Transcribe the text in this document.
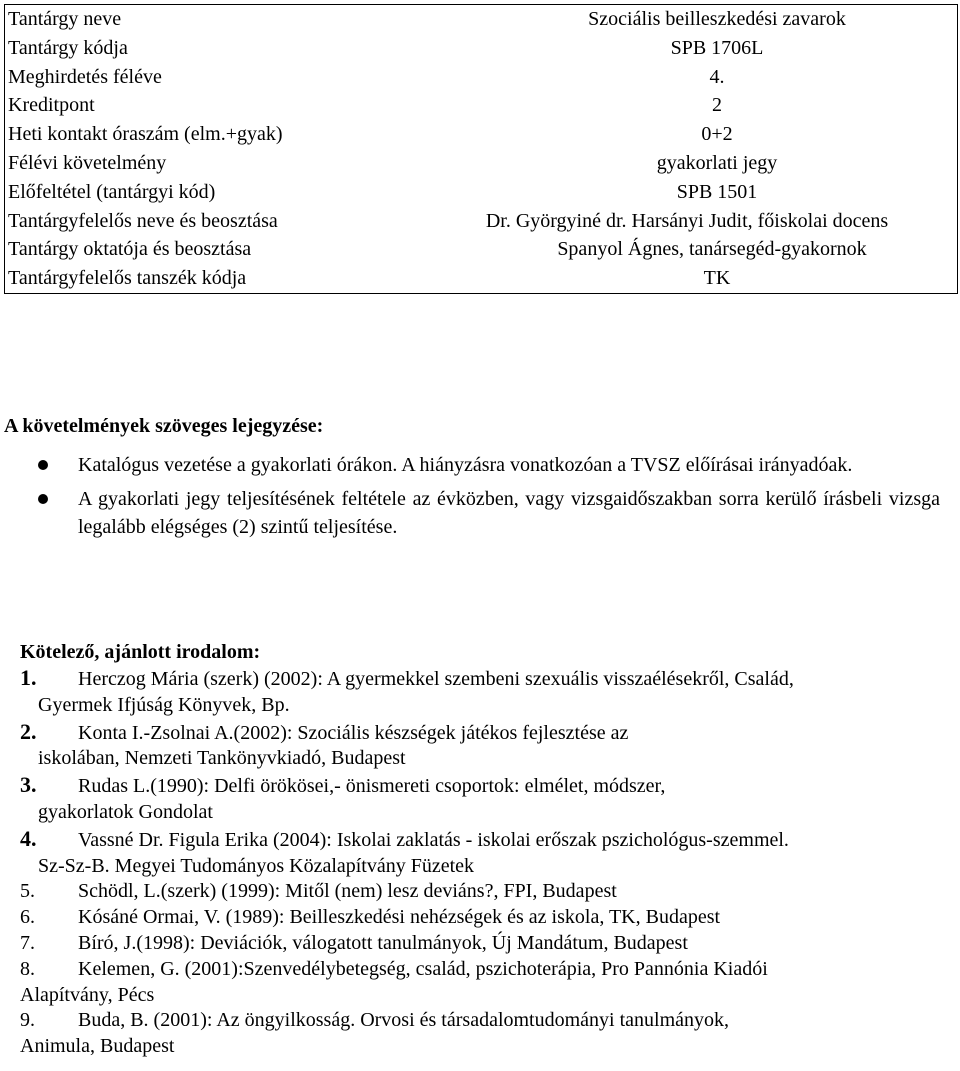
Tantárgy neve	Szociális beilleszkedési zavarok
Tantárgy kódja	SPB 1706L
Meghirdetés féléve	4.
Kreditpont	2
Heti kontakt óraszám (elm.+gyak)	0+2
Félévi követelmény	gyakorlati jegy
Előfeltétel (tantárgyi kód)	SPB 1501
Tantárgyfelelős neve és beosztása	Dr. Györgyiné dr. Harsányi Judit, főiskolai docens
Tantárgy oktatója és beosztása	Spanyol Ágnes, tanársegéd-gyakornok
Tantárgyfelelős tanszék kódja	TK
A követelmények szöveges lejegyzése:
Katalógus vezetése a gyakorlati órákon. A hiányzásra vonatkozóan a TVSZ előírásai irányadóak.
A gyakorlati jegy teljesítésének feltétele az évközben, vagy vizsgaidőszakban sorra kerülő írásbeli vizsga legalább elégséges (2) szintű teljesítése.
Kötelező, ajánlott irodalom:
1. Herczog Mária (szerk) (2002): A gyermekkel szembeni szexuális visszaélésekről, Család,
Gyermek Ifjúság Könyvek, Bp.
2. Konta I.-Zsolnai A.(2002): Szociális készségek játékos fejlesztése az
iskolában, Nemzeti Tankönyvkiadó, Budapest
3. Rudas L.(1990): Delfi örökösei,- önismereti csoportok: elmélet, módszer,
gyakorlatok Gondolat
4. Vassné Dr. Figula Erika (2004): Iskolai zaklatás - iskolai erőszak pszichológus-szemmel.
Sz-Sz-B. Megyei Tudományos Közalapítvány Füzetek
5. Schödl, L.(szerk) (1999): Mitől (nem) lesz deviáns?, FPI, Budapest
6. Kósáné Ormai, V. (1989): Beilleszkedési nehézségek és az iskola, TK, Budapest
7. Bíró, J.(1998): Deviációk, válogatott tanulmányok, Új Mandátum, Budapest
8. Kelemen, G. (2001):Szenvedélybetegség, család, pszichoterápia, Pro Pannónia Kiadói
Alapítvány, Pécs
9. Buda, B. (2001): Az öngyilkosság. Orvosi és társadalomtudományi tanulmányok,
Animula, Budapest
